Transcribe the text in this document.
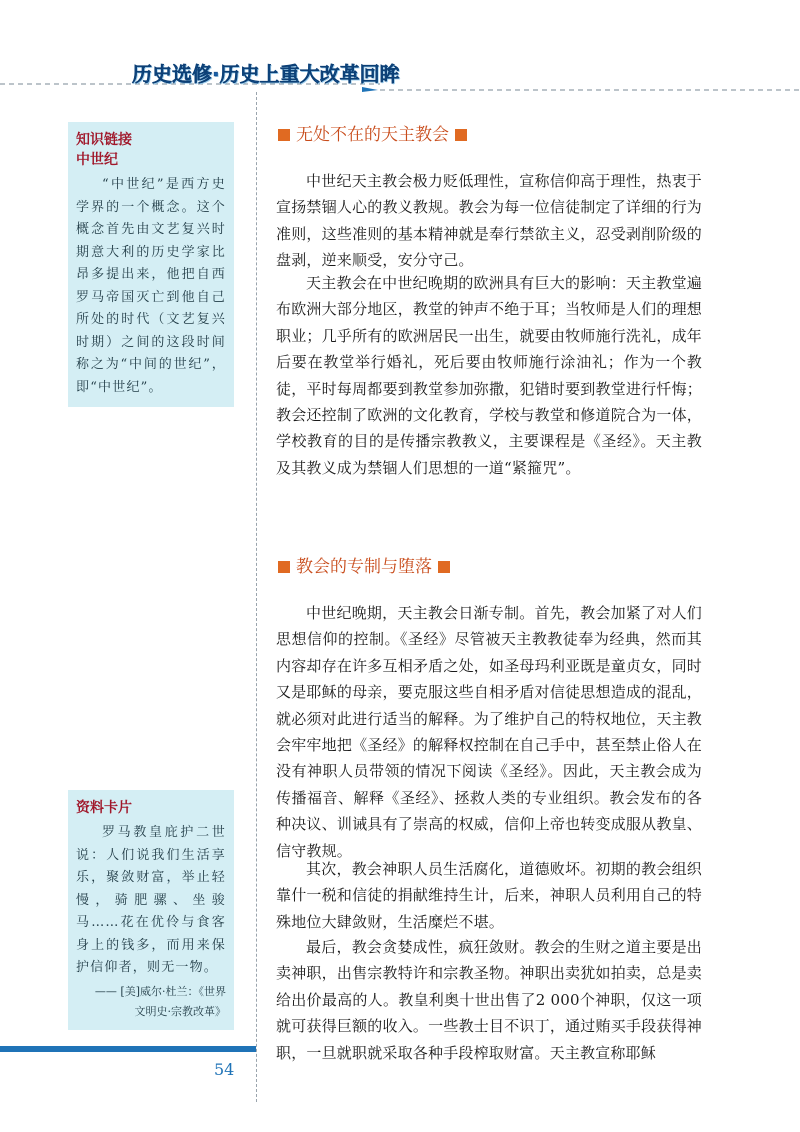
历史选修·历史上重大改革回眸
知识链接
中世纪
“中世纪”是西方史学界的一个概念。这个概念首先由文艺复兴时期意大利的历史学家比昂多提出来，他把自西罗马帝国灭亡到他自己所处的时代（文艺复兴时期）之间的这段时间称之为“中间的世纪”，即“中世纪”。
资料卡片
罗马教皇庇护二世说：人们说我们生活享乐，聚敛财富，举止轻慢，骑肥骡、坐骏马……花在优伶与食客身上的钱多，而用来保护信仰者，则无一物。
—— [美]威尔·杜兰：《世界
文明史·宗教改革》
无处不在的天主教会
中世纪天主教会极力贬低理性，宣称信仰高于理性，热衷于宣扬禁锢人心的教义教规。教会为每一位信徒制定了详细的行为准则，这些准则的基本精神就是奉行禁欲主义，忍受剥削阶级的盘剥，逆来顺受，安分守己。
天主教会在中世纪晚期的欧洲具有巨大的影响：天主教堂遍布欧洲大部分地区，教堂的钟声不绝于耳；当牧师是人们的理想职业；几乎所有的欧洲居民一出生，就要由牧师施行洗礼，成年后要在教堂举行婚礼，死后要由牧师施行涂油礼；作为一个教徒，平时每周都要到教堂参加弥撒，犯错时要到教堂进行忏悔；教会还控制了欧洲的文化教育，学校与教堂和修道院合为一体，学校教育的目的是传播宗教教义，主要课程是《圣经》。天主教及其教义成为禁锢人们思想的一道“紧箍咒”。
教会的专制与堕落
中世纪晚期，天主教会日渐专制。首先，教会加紧了对人们思想信仰的控制。《圣经》尽管被天主教教徒奉为经典，然而其内容却存在许多互相矛盾之处，如圣母玛利亚既是童贞女，同时又是耶稣的母亲，要克服这些自相矛盾对信徒思想造成的混乱，就必须对此进行适当的解释。为了维护自己的特权地位，天主教会牢牢地把《圣经》的解释权控制在自己手中，甚至禁止俗人在没有神职人员带领的情况下阅读《圣经》。因此，天主教会成为传播福音、解释《圣经》、拯救人类的专业组织。教会发布的各种决议、训诫具有了崇高的权威，信仰上帝也转变成服从教皇、信守教规。
其次，教会神职人员生活腐化，道德败坏。初期的教会组织靠什一税和信徒的捐献维持生计，后来，神职人员利用自己的特殊地位大肆敛财，生活糜烂不堪。
最后，教会贪婪成性，疯狂敛财。教会的生财之道主要是出卖神职，出售宗教特许和宗教圣物。神职出卖犹如拍卖，总是卖给出价最高的人。教皇利奥十世出售了2 000个神职，仅这一项就可获得巨额的收入。一些教士目不识丁，通过贿买手段获得神职，一旦就职就采取各种手段榨取财富。天主教宣称耶稣
54
